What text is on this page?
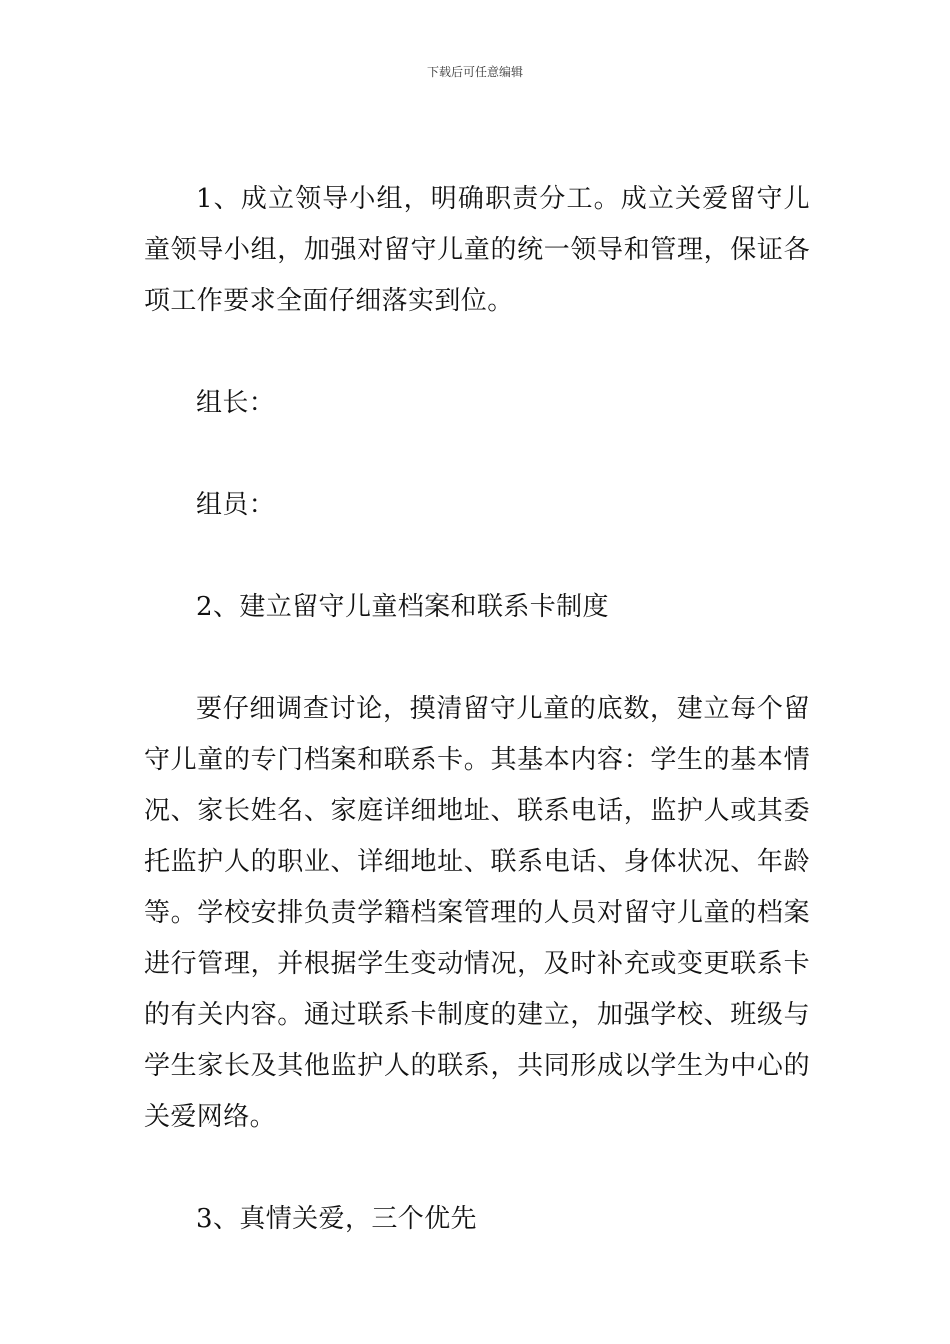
下载后可任意编辑

1、成立领导小组，明确职责分工。成立关爱留守儿童领导小组，加强对留守儿童的统一领导和管理，保证各项工作要求全面仔细落实到位。

组长：

组员：

2、建立留守儿童档案和联系卡制度

要仔细调查讨论，摸清留守儿童的底数，建立每个留守儿童的专门档案和联系卡。其基本内容：学生的基本情况、家长姓名、家庭详细地址、联系电话，监护人或其委托监护人的职业、详细地址、联系电话、身体状况、年龄等。学校安排负责学籍档案管理的人员对留守儿童的档案进行管理，并根据学生变动情况，及时补充或变更联系卡的有关内容。通过联系卡制度的建立，加强学校、班级与学生家长及其他监护人的联系，共同形成以学生为中心的关爱网络。

3、真情关爱，三个优先
